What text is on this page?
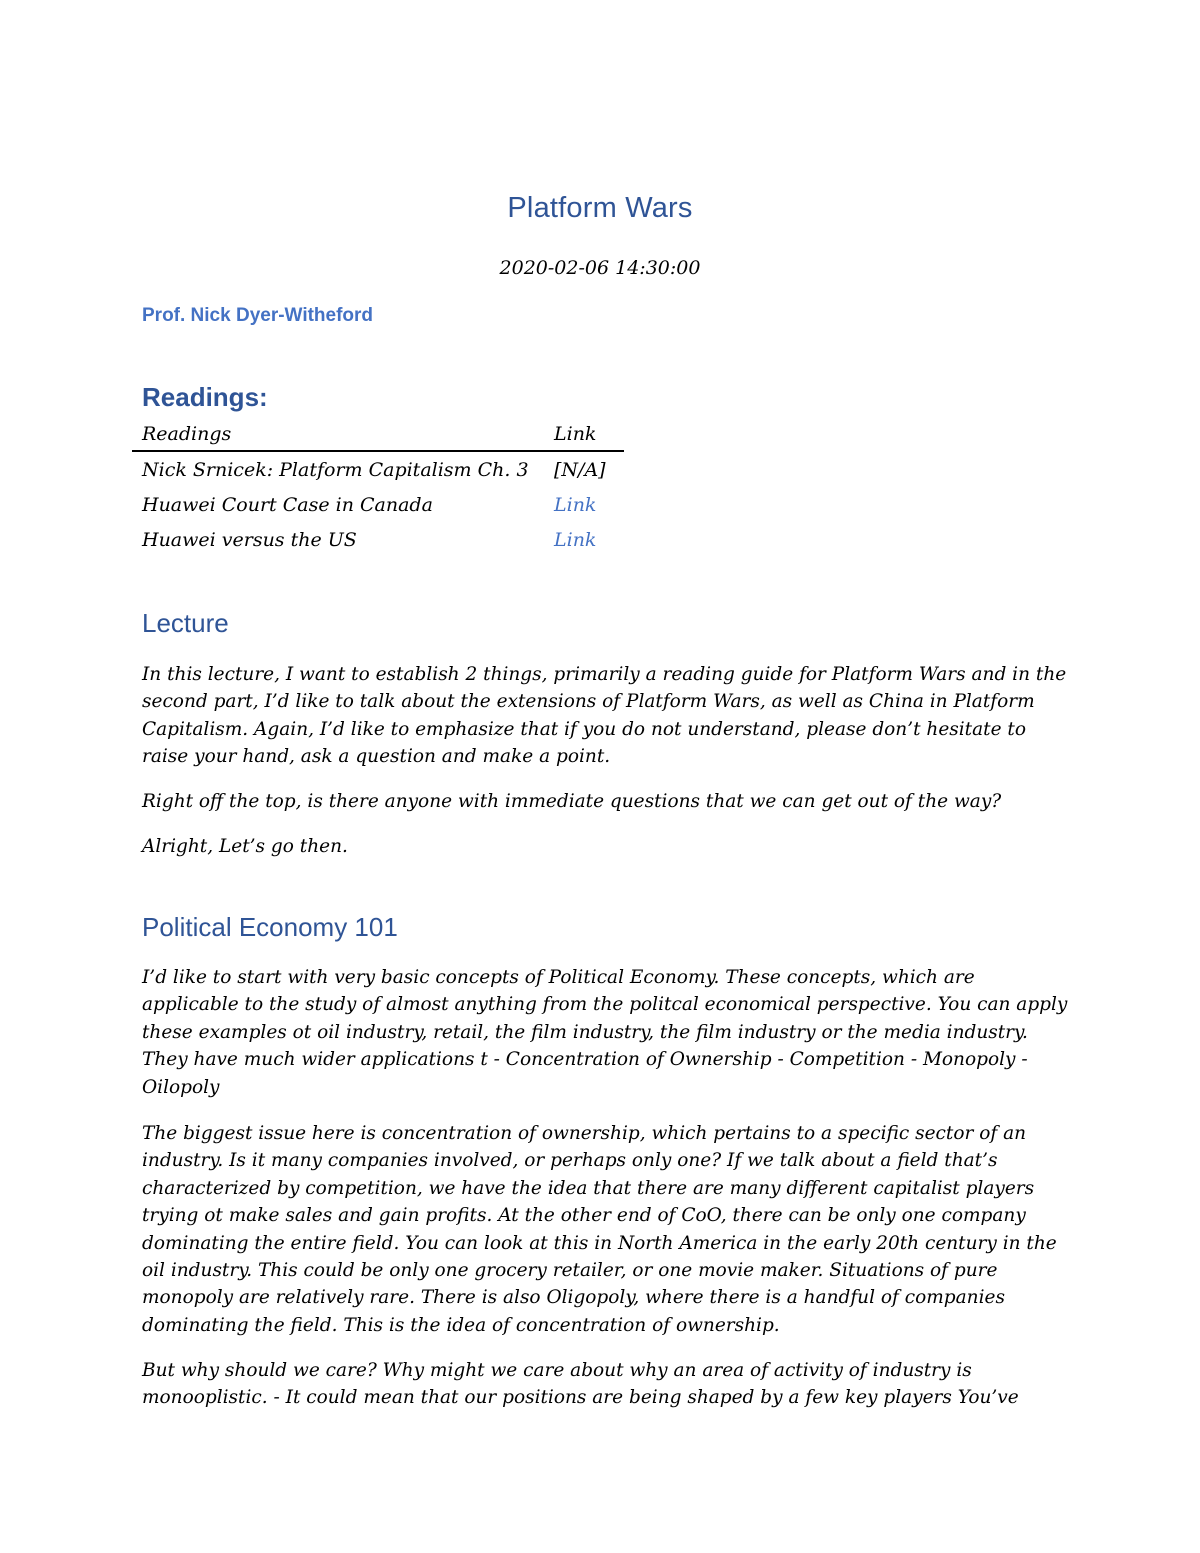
Platform Wars
2020-02-06 14:30:00
Prof. Nick Dyer-Witheford
Readings:
Readings	Link
Nick Srnicek: Platform Capitalism Ch. 3	[N/A]
Huawei Court Case in Canada	Link
Huawei versus the US	Link
Lecture

In this lecture, I want to establish 2 things, primarily a reading guide for Platform Wars and in the second part, I’d like to talk about the extensions of Platform Wars, as well as China in Platform Capitalism. Again, I’d like to emphasize that if you do not understand, please don’t hesitate to raise your hand, ask a question and make a point.

Right off the top, is there anyone with immediate questions that we can get out of the way?

Alright, Let’s go then.

Political Economy 101

I’d like to start with very basic concepts of Political Economy. These concepts, which are applicable to the study of almost anything from the politcal economical perspective. You can apply these examples ot oil industry, retail, the film industry, the film industry or the media industry. They have much wider applications t - Concentration of Ownership - Competition - Monopoly - Oilopoly

The biggest issue here is concentration of ownership, which pertains to a specific sector of an industry. Is it many companies involved, or perhaps only one? If we talk about a field that’s characterized by competition, we have the idea that there are many different capitalist players trying ot make sales and gain profits. At the other end of CoO, there can be only one company dominating the entire field. You can look at this in North America in the early 20th century in the oil industry. This could be only one grocery retailer, or one movie maker. Situations of pure monopoly are relatively rare. There is also Oligopoly, where there is a handful of companies dominating the field. This is the idea of concentration of ownership.

But why should we care? Why might we care about why an area of activity of industry is monooplistic. - It could mean that our positions are being shaped by a few key players You’ve
